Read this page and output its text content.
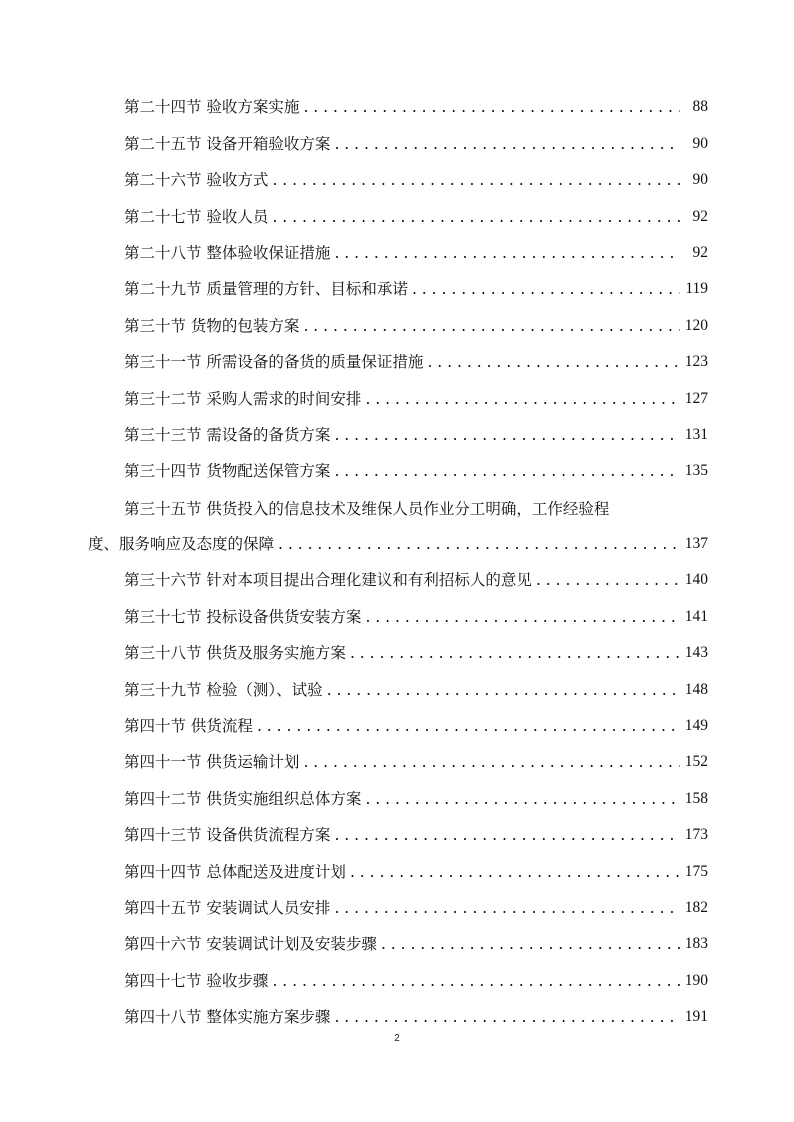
第二十四节 验收方案实施 . . .	88
第二十五节 设备开箱验收方案 . . .	90
第二十六节 验收方式 . . .	90
第二十七节 验收人员 . . .	92
第二十八节 整体验收保证措施 . . .	92
第二十九节 质量管理的方针、目标和承诺 . . .	119
第三十节 货物的包装方案 . . .	120
第三十一节 所需设备的备货的质量保证措施 . . .	123
第三十二节 采购人需求的时间安排 . . .	127
第三十三节 需设备的备货方案 . . .	131
第三十四节 货物配送保管方案 . . .	135
第三十五节 供货投入的信息技术及维保人员作业分工明确，工作经验程
度、服务响应及态度的保障 . . .	137
第三十六节 针对本项目提出合理化建议和有利招标人的意见 . . .	140
第三十七节 投标设备供货安装方案 . . .	141
第三十八节 供货及服务实施方案 . . .	143
第三十九节 检验（测）、试验 . . .	148
第四十节 供货流程 . . .	149
第四十一节 供货运输计划 . . .	152
第四十二节 供货实施组织总体方案 . . .	158
第四十三节 设备供货流程方案 . . .	173
第四十四节 总体配送及进度计划 . . .	175
第四十五节 安装调试人员安排 . . .	182
第四十六节 安装调试计划及安装步骤 . . .	183
第四十七节 验收步骤 . . .	190
第四十八节 整体实施方案步骤 . . .	191
2
